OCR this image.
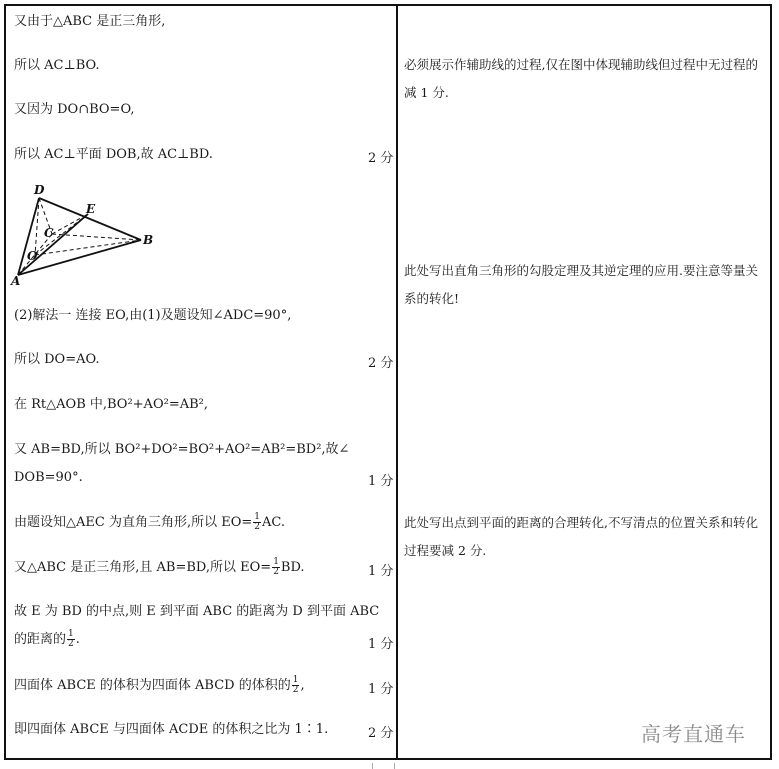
又由于△ABC 是正三角形,
所以 AC⊥BO.
又因为 DO∩BO=O,
所以 AC⊥平面 DOB,故 AC⊥BD.	2 分
D
E
C
O
B
A
(2)解法一 连接 EO,由(1)及题设知∠ADC=90°,
所以 DO=AO.	2 分
在 Rt△AOB 中,BO²+AO²=AB²,
又 AB=BD,所以 BO²+DO²=BO²+AO²=AB²=BD²,故∠
DOB=90°.	1 分
由题设知△AEC 为直角三角形,所以 $EO= \frac{1}{2}$ AC.
又△ABC 是正三角形,且 AB=BD,所以 $EO= \frac{1}{2}$ BD.	1 分
故 E 为 BD 的中点,则 E 到平面 ABC 的距离为 D 到平面 ABC
的距离的 $\frac{1}{2}$ .	1 分
四面体 ABCE 的体积为四面体 ABCD 的体积的 $\frac{1}{2}$ ,	1 分
即四面体 ABCE 与四面体 ACDE 的体积之比为 1∶1.	2 分
必须展示作辅助线的过程,仅在图中体现辅助线但过程中无过程的减 1 分.
此处写出直角三角形的勾股定理及其逆定理的应用.要注意等量关系的转化!
此处写出点到平面的距离的合理转化,不写清点的位置关系和转化过程要减 2 分.
高考直通车
